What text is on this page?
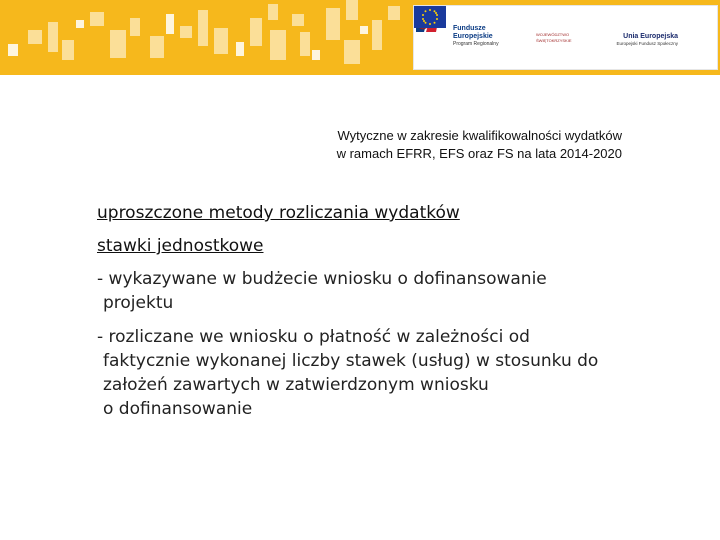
Fundusze
Europejskie
Program Regionalny
WOJEWÓDZTWO
ŚWIĘTOKRZYSKIE
Unia Europejska
Europejski Fundusz Społeczny
Wytyczne w zakresie kwalifikowalności wydatków
w ramach EFRR, EFS oraz FS na lata 2014-2020
uproszczone metody rozliczania wydatków
stawki jednostkowe
- wykazywane w budżecie wniosku o dofinansowanie
projektu
- rozliczane we wniosku o płatność w zależności od
faktycznie wykonanej liczby stawek (usług) w stosunku do
założeń zawartych w zatwierdzonym wniosku
o dofinansowanie
